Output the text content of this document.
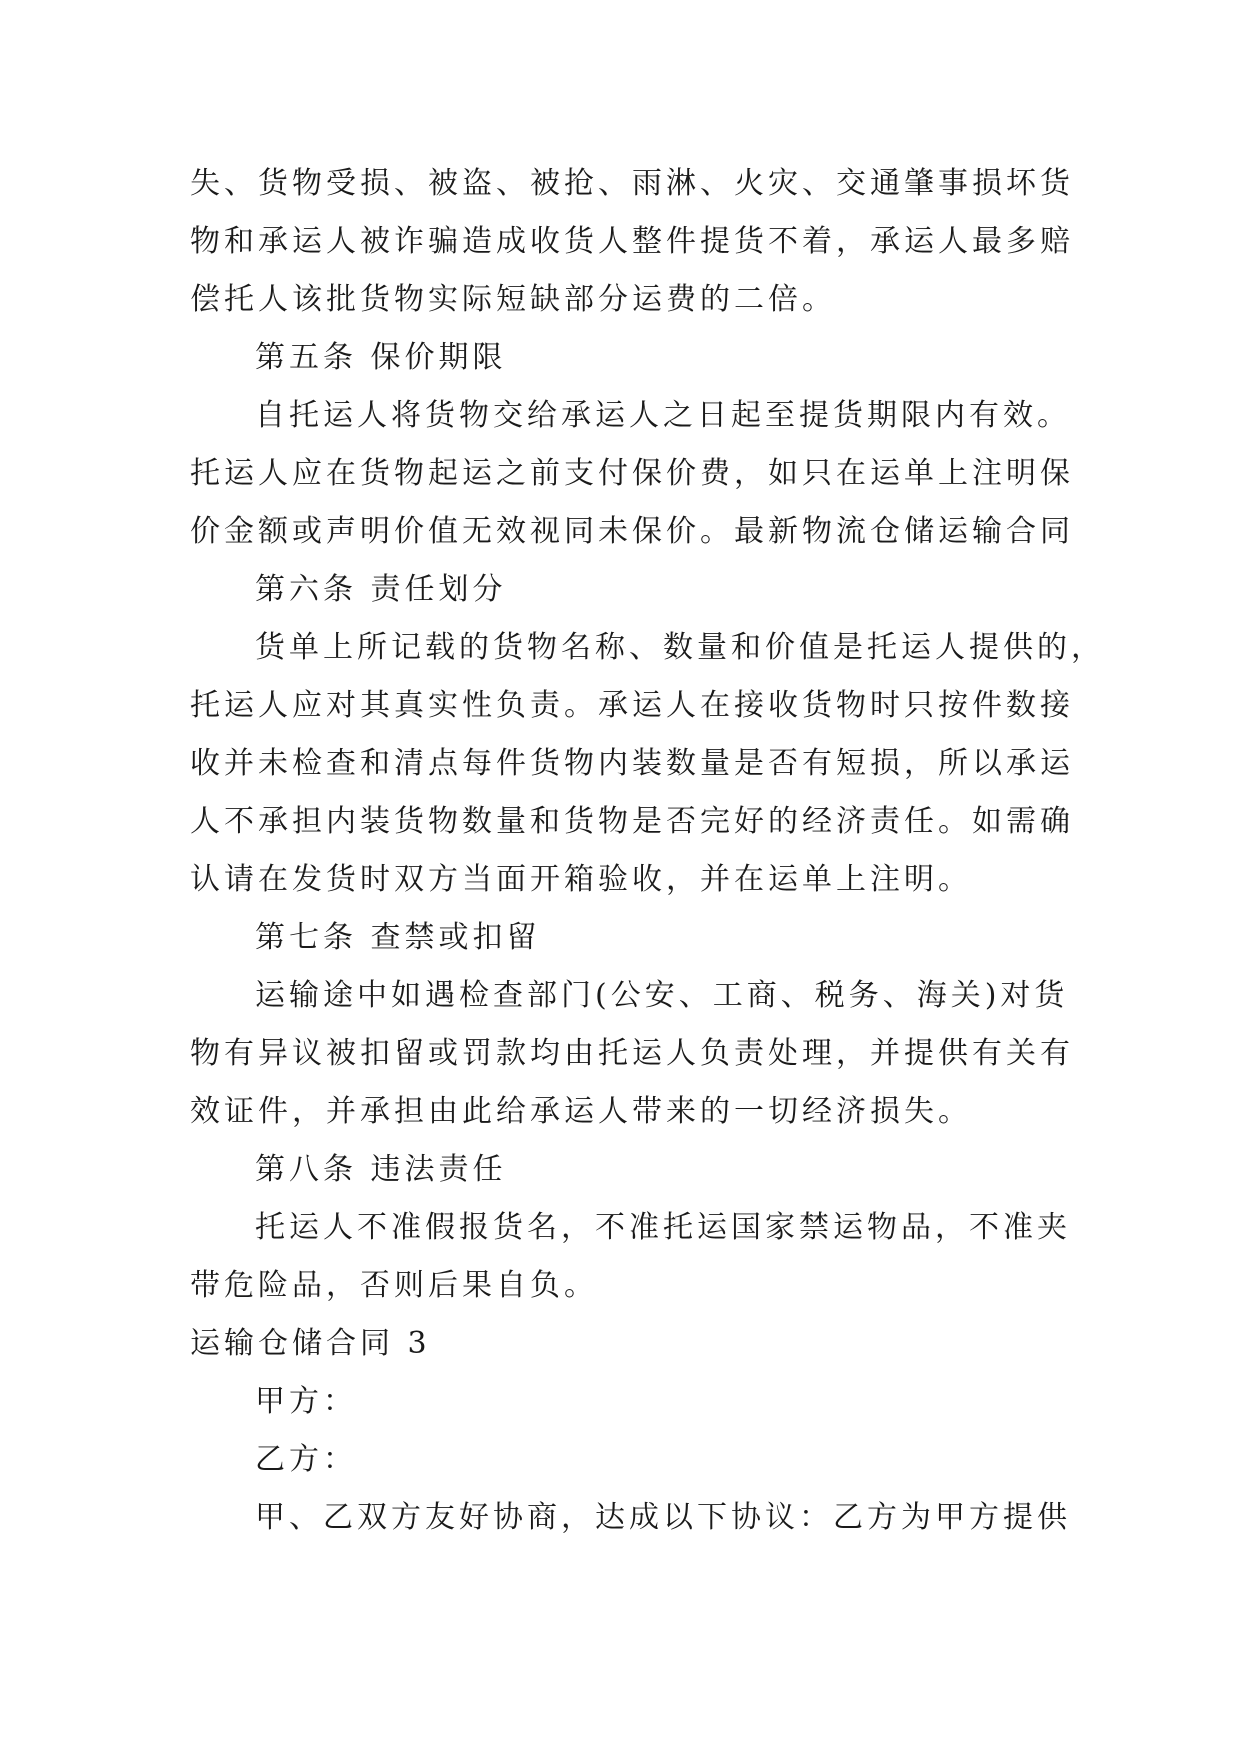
失、货物受损、被盗、被抢、雨淋、火灾、交通肇事损坏货
物和承运人被诈骗造成收货人整件提货不着，承运人最多赔
偿托人该批货物实际短缺部分运费的二倍。
第五条 保价期限
自托运人将货物交给承运人之日起至提货期限内有效。
托运人应在货物起运之前支付保价费，如只在运单上注明保
价金额或声明价值无效视同未保价。最新物流仓储运输合同
第六条 责任划分
货单上所记载的货物名称、数量和价值是托运人提供的，
托运人应对其真实性负责。承运人在接收货物时只按件数接
收并未检查和清点每件货物内装数量是否有短损，所以承运
人不承担内装货物数量和货物是否完好的经济责任。如需确
认请在发货时双方当面开箱验收，并在运单上注明。
第七条 查禁或扣留
运输途中如遇检查部门(公安、工商、税务、海关)对货
物有异议被扣留或罚款均由托运人负责处理，并提供有关有
效证件，并承担由此给承运人带来的一切经济损失。
第八条 违法责任
托运人不准假报货名，不准托运国家禁运物品，不准夹
带危险品，否则后果自负。
运输仓储合同 3
甲方：
乙方：
甲、乙双方友好协商，达成以下协议：乙方为甲方提供
